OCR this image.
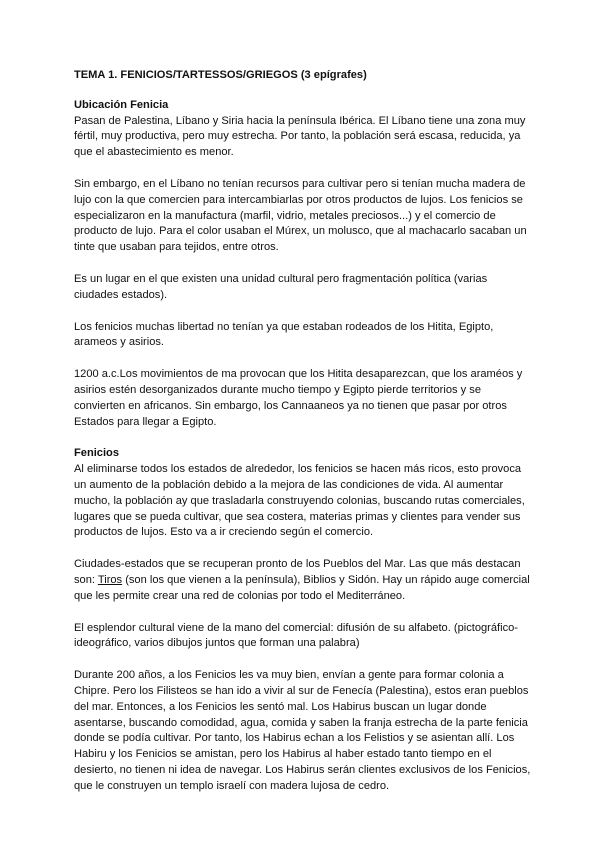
TEMA 1. FENICIOS/TARTESSOS/GRIEGOS (3 epígrafes)
Ubicación Fenicia

Pasan de Palestina, Líbano y Siria hacia la península Ibérica. El Líbano tiene una zona muy fértil, muy productiva, pero muy estrecha. Por tanto, la población será escasa, reducida, ya que el abastecimiento es menor.

Sin embargo, en el Líbano no tenían recursos para cultivar pero si tenían mucha madera de lujo con la que comercien para intercambiarlas por otros productos de lujos. Los fenicios se especializaron en la manufactura (marfil, vidrio, metales preciosos...) y el comercio de producto de lujo. Para el color usaban el Múrex, un molusco, que al machacarlo sacaban un tinte que usaban para tejidos, entre otros.

Es un lugar en el que existen una unidad cultural pero fragmentación política (varias ciudades estados).

Los fenicios muchas libertad no tenían ya que estaban rodeados de los Hitita, Egipto, arameos y asirios.

1200 a.c.Los movimientos de ma provocan que los Hitita desaparezcan, que los araméos y asirios estén desorganizados durante mucho tiempo y Egipto pierde territorios y se convierten en africanos. Sin embargo, los Cannaaneos ya no tienen que pasar por otros Estados para llegar a Egipto.

Fenicios

Al eliminarse todos los estados de alrededor, los fenicios se hacen más ricos, esto provoca un aumento de la población debido a la mejora de las condiciones de vida. Al aumentar mucho, la población ay que trasladarla construyendo colonias, buscando rutas comerciales, lugares que se pueda cultivar, que sea costera, materias primas y clientes para vender sus productos de lujos. Esto va a ir creciendo según el comercio.

Ciudades-estados que se recuperan pronto de los Pueblos del Mar. Las que más destacan son: Tiros (son los que vienen a la península), Biblios y Sidón. Hay un rápido auge comercial que les permite crear una red de colonias por todo el Mediterráneo.

El esplendor cultural viene de la mano del comercial: difusión de su alfabeto. (pictográfico-ideográfico, varios dibujos juntos que forman una palabra)

Durante 200 años, a los Fenicios les va muy bien, envían a gente para formar colonia a Chipre. Pero los Filisteos se han ido a vivir al sur de Fenecía (Palestina), estos eran pueblos del mar. Entonces, a los Fenicios les sentó mal. Los Habirus buscan un lugar donde asentarse, buscando comodidad, agua, comida y saben la franja estrecha de la parte fenicia donde se podía cultivar. Por tanto, los Habirus echan a los Felistios y se asientan allí. Los Habiru y los Fenicios se amistan, pero los Habirus al haber estado tanto tiempo en el desierto, no tienen ni idea de navegar. Los Habirus serán clientes exclusivos de los Fenicios, que le construyen un templo israelí con madera lujosa de cedro.
